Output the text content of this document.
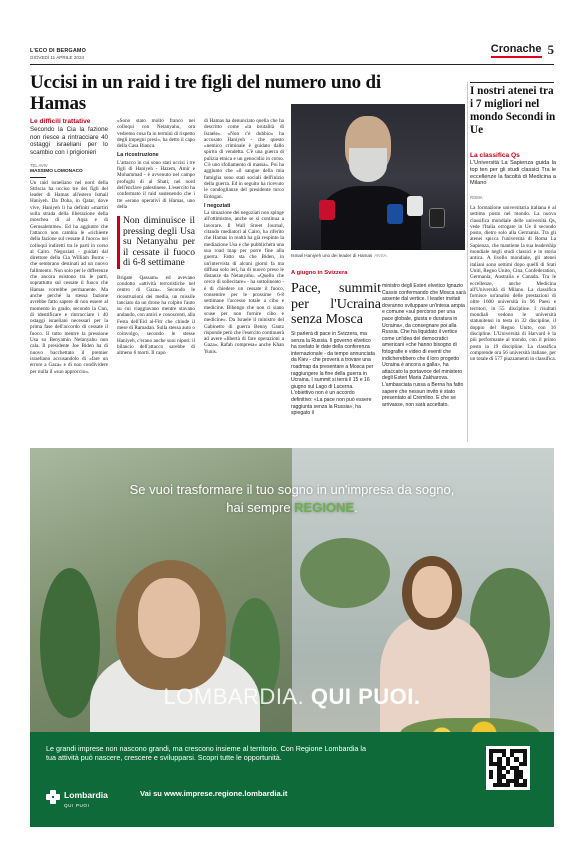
L'ECO DI BERGAMO
GIOVEDÌ 11 APRILE 2024
Cronache 5
Uccisi in un raid i tre figli del numero uno di Hamas
Le difficili trattative
Secondo la Cia la fazione non riesce a rintracciare 40 ostaggi israeliani per lo scambio con i prigionieri
TEL AVIV
MASSIMO LOMONACO

Un raid israeliano nel nord della Striscia ha ucciso tre dei figli del leader di Hamas all'estero Ismail Haniyeh. Da Doha, in Qatar, dove vive, Haniyeh li ha definiti «martiri sulla strada della liberazione della moschea di al Aqsa e di Gerusalemme». Ed ha aggiunto che l'attacco non cambia le «richieste della fazione sul cessate il fuoco» nei colloqui indiretti tra le parti in corso al Cairo. Negoziati - guidati dal direttore della Cia William Burns - che sembrano destinati ad un nuovo fallimento. Non solo per le differenze che ancora esistono tra le parti, soprattutto sul cessate il fuoco che Hamas vorrebbe permanente. Ma anche perché la stessa fazione avrebbe fatto sapere di non essere al momento in grado, secondo la Cnn, di identificare e rintracciare i 40 ostaggi israeliani necessari per la prima fase dell'accordo di cessate il fuoco. Il tutto mentre la pressione Usa su Benyamin Netanyahu non cala. Il presidente Joe Biden ha di nuovo bacchettato il premier israeliano accusandolo di «fare un errore a Gaza» e di non condividere per nulla il «suo approccio».

«Sono stato molto franco nei colloqui con Netanyahu, ora vedremo cosa fa in termini di rispetto degli impegni presi», ha detto il capo della Casa Bianca.

La ricostruzione

L'attacco in cui sono stati uccisi i tre figli di Haniyeh - Hazem, Amir e Mohammad - è avvenuto nel campo profughi di al Shati, nel nord dell'enclave palestinese. L'esercito ha confermato il raid sostenendo che i tre «erano operativi di Hamas, uno della

Non diminuisce il pressing degli Usa su Netanyahu per il cessate il fuoco di 6-8 settimane

Brigate Qassam» ed avevano condotto «attività terroristiche nel centro di Gaza». Secondo le ricostruzioni dei media, un missile lanciato da un drone ha colpito l'auto su cui viaggiavano mentre stavano andando, con amici e conoscenti, alla Festa dell'Eid al-Fitr che chiude il mese di Ramadan. Sulla stessa auto o coinvolgo, secondo le stesse Haniyeh, c'erano anche suoi nipoti: il bilancio dell'attacco sarebbe di almeno 6 morti. Il capo

di Hamas ha denunciato quella che ha descritto come «la brutalità di Israele». «Non c'è dubbio» ha accusato Haniyeh - che questo «nemico criminale è guidato dallo spirito di vendetta. C'è una guerra di pulizia etnica e un genocidio in corso. C'è uno sfollamento di massa». Poi ha aggiunto che «il sangue della mia famiglia sono stati sociali dell'inizio della guerra. Ed in seguito ha ricevuto le condoglianze del presidente turco Erdogan.

I negoziati

La situazione dei negoziati non spinge all'ottimismo, anche se si continua a lavorare. Il Wall Street Journal, citando mediatori al Cairo, ha riferito che Hamas in realtà ha già respinto la mediazione Usa e che pubblicherà una sua road map per porre fine alla guerra. Fatto sta che Biden, in un'intervista di alcuni giorni fa ma diffusa solo ieri, ha di nuovo preso le distanze da Netanyahu. «Quello che cerco di sollecitare» - ha sottolineato - è di chiedere un cessate il fuoco, consentire per le prossime 6-8 settimane l'accesso totale a cibo e medicine. Bibengo che non ci siano scuse per non fornire cibo e medicine». Da Israele il ministro del Gabinetto di guerra Benny Gantz risponde però che l'esercito continuerà ad avere «libertà di fare operazioni a Gaza», Rafah compresa» anche Khan Yunis.

Ismail Haniyeh uno dei leader di Hamas ANSA
A giugno in Svizzera
Pace, summit per l'Ucraina senza Mosca

Si parlerà di pace in Svizzera, ma senza la Russia. Il governo elvetico ha svelato le date della conferenza internazionale - da tempo annunciata da Kiev - che proverà a trovare una roadmap da presentare a Mosca per raggiungere la fine della guerra in Ucraina. I summit si terrà il 15 e 16 giugno sul Lago di Lucerna. L'obiettivo non è un accordo definitivo: «La pace non può essere raggiunta senza la Russia», ha spiegato il

ministro degli Esteri elvetico Ignazio Cassis confermando che Mosca sarà assente dal vertice. I leader invitati dovranno sviluppare un'intesa ampia e comune «sul percorso per una pace globale, giusta e duratura in Ucraina», da consegnare poi alla Russia. Che ha liquidato il vertice come un'idea del democratici americani «che hanno bisogno di fotografie e video di eventi che indicherebbero che il loro progetto Ucraina è ancora a galla», ha attaccato la portavoce del ministero degli Esteri Maria Zakharova. L'ambasciata russa a Berna ha fatto sapere che nessun invito è stato presentato al Cremlino. E che se arrivasse, non sarà accettato.

I nostri atenei tra i 7 migliori nel mondo Secondi in Ue
La classifica Qs
L'Università La Sapienza guida la top ten per gli studi classici Tra le eccellenze la facoltà di Medicina a Milano
ROMA

La formazione universitaria italiana è al settimo posto nel mondo. La nuova classifica mondiale delle università Qs, vede l'Italia orrogare in Ue il secondo posto, dietro solo alla Germania. Tra gli atenei spicca l'università di Roma La Sapienza, che mantiene la sua leadership mondiale negli studi classici e in storia antica. A livello mondiale, gli atenei italiani sono settimi dopo quelli di Stati Uniti, Regno Unito, Cina, Confederation, Germania, Australia e Canada. Tra le eccellenze, anche Medicina all'Università di Milano. La classifica fornisce un'analisi delle prestazioni di oltre 1600 università in 96 Paesi e territori, in 55 discipline. I risultati mondiali vedono le università statunitensi in testa in 32 discipline, il doppio del Regno Unito, con 16 discipline. L'Università di Harvard è la più performante al mondo, con il primo posto in 19 discipline. La classifica comprende ora 56 università italiane, per un totale di 577 piazzamenti in classifica.

Se vuoi trasformare il tuo sogno in un'impresa da sogno,
hai sempre REGIONE.
LOMBARDIA. QUI PUOI.
Le grandi imprese non nascono grandi, ma crescono insieme al territorio. Con Regione Lombardia la tua attività può nascere, crescere e svilupparsi. Scopri tutte le opportunità.
Lombardia
QUI PUOI
Vai su www.imprese.regione.lombardia.it
